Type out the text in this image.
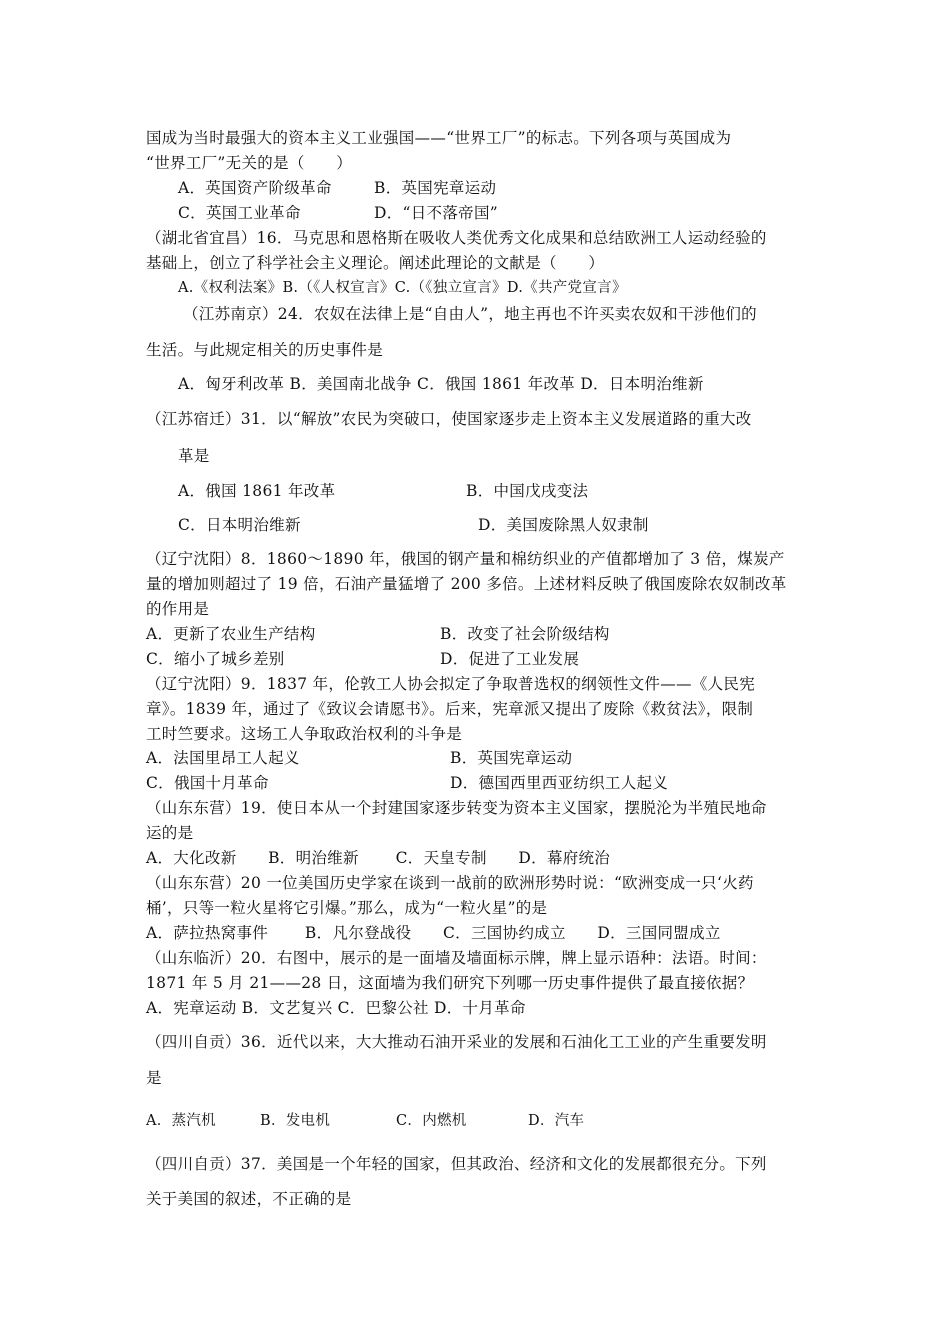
国成为当时最强大的资本主义工业强国——“世界工厂”的标志。下列各项与英国成为
“世界工厂”无关的是（　　）
A．英国资产阶级革命	B．英国宪章运动
C．英国工业革命	D．“日不落帝国”
（湖北省宜昌）16．马克思和恩格斯在吸收人类优秀文化成果和总结欧洲工人运动经验的
基础上，创立了科学社会主义理论。阐述此理论的文献是（　　）
A.《权利法案》B.（《人权宣言》C.（《独立宣言》D.《共产党宣言》
（江苏南京）24．农奴在法律上是“自由人”，地主再也不许买卖农奴和干涉他们的
生活。与此规定相关的历史事件是
A．匈牙利改革 B．美国南北战争 C．俄国 1861 年改革 D．日本明治维新
（江苏宿迁）31．以“解放”农民为突破口，使国家逐步走上资本主义发展道路的重大改
革是
A．俄国 1861 年改革	B．中国戊戌变法
C．日本明治维新	D．美国废除黑人奴隶制
（辽宁沈阳）8．1860～1890 年，俄国的钢产量和棉纺织业的产值都增加了 3 倍，煤炭产
量的增加则超过了 19 倍，石油产量猛增了 200 多倍。上述材料反映了俄国废除农奴制改革
的作用是
A．更新了农业生产结构	B．改变了社会阶级结构
C．缩小了城乡差别	D．促进了工业发展
（辽宁沈阳）9．1837 年，伦敦工人协会拟定了争取普选权的纲领性文件——《人民宪
章》。1839 年，通过了《致议会请愿书》。后来，宪章派又提出了废除《救贫法》，限制
工时竺要求。这场工人争取政治权利的斗争是
A．法国里昂工人起义	B．英国宪章运动
C．俄国十月革命	D．德国西里西亚纺织工人起义
（山东东营）19．使日本从一个封建国家逐步转变为资本主义国家，摆脱沦为半殖民地命
运的是
A．大化改新　　B．明治维新　　 C．天皇专制　　D．幕府统治
（山东东营）20 一位美国历史学家在谈到一战前的欧洲形势时说：“欧洲变成一只‘火药
桶’，只等一粒火星将它引爆。”那么，成为“一粒火星”的是
A．萨拉热窝事件　　 B．凡尔登战役　　C．三国协约成立　　D．三国同盟成立
（山东临沂）20．右图中，展示的是一面墙及墙面标示牌，牌上显示语种：法语。时间：
1871 年 5 月 21——28 日，这面墙为我们研究下列哪一历史事件提供了最直接依据？
A．宪章运动 B．文艺复兴 C．巴黎公社 D．十月革命
（四川自贡）36．近代以来，大大推动石油开采业的发展和石油化工工业的产生重要发明
是
A．蒸汽机	B．发电机	C．内燃机	D．汽车
（四川自贡）37．美国是一个年轻的国家，但其政治、经济和文化的发展都很充分。下列
关于美国的叙述，不正确的是
